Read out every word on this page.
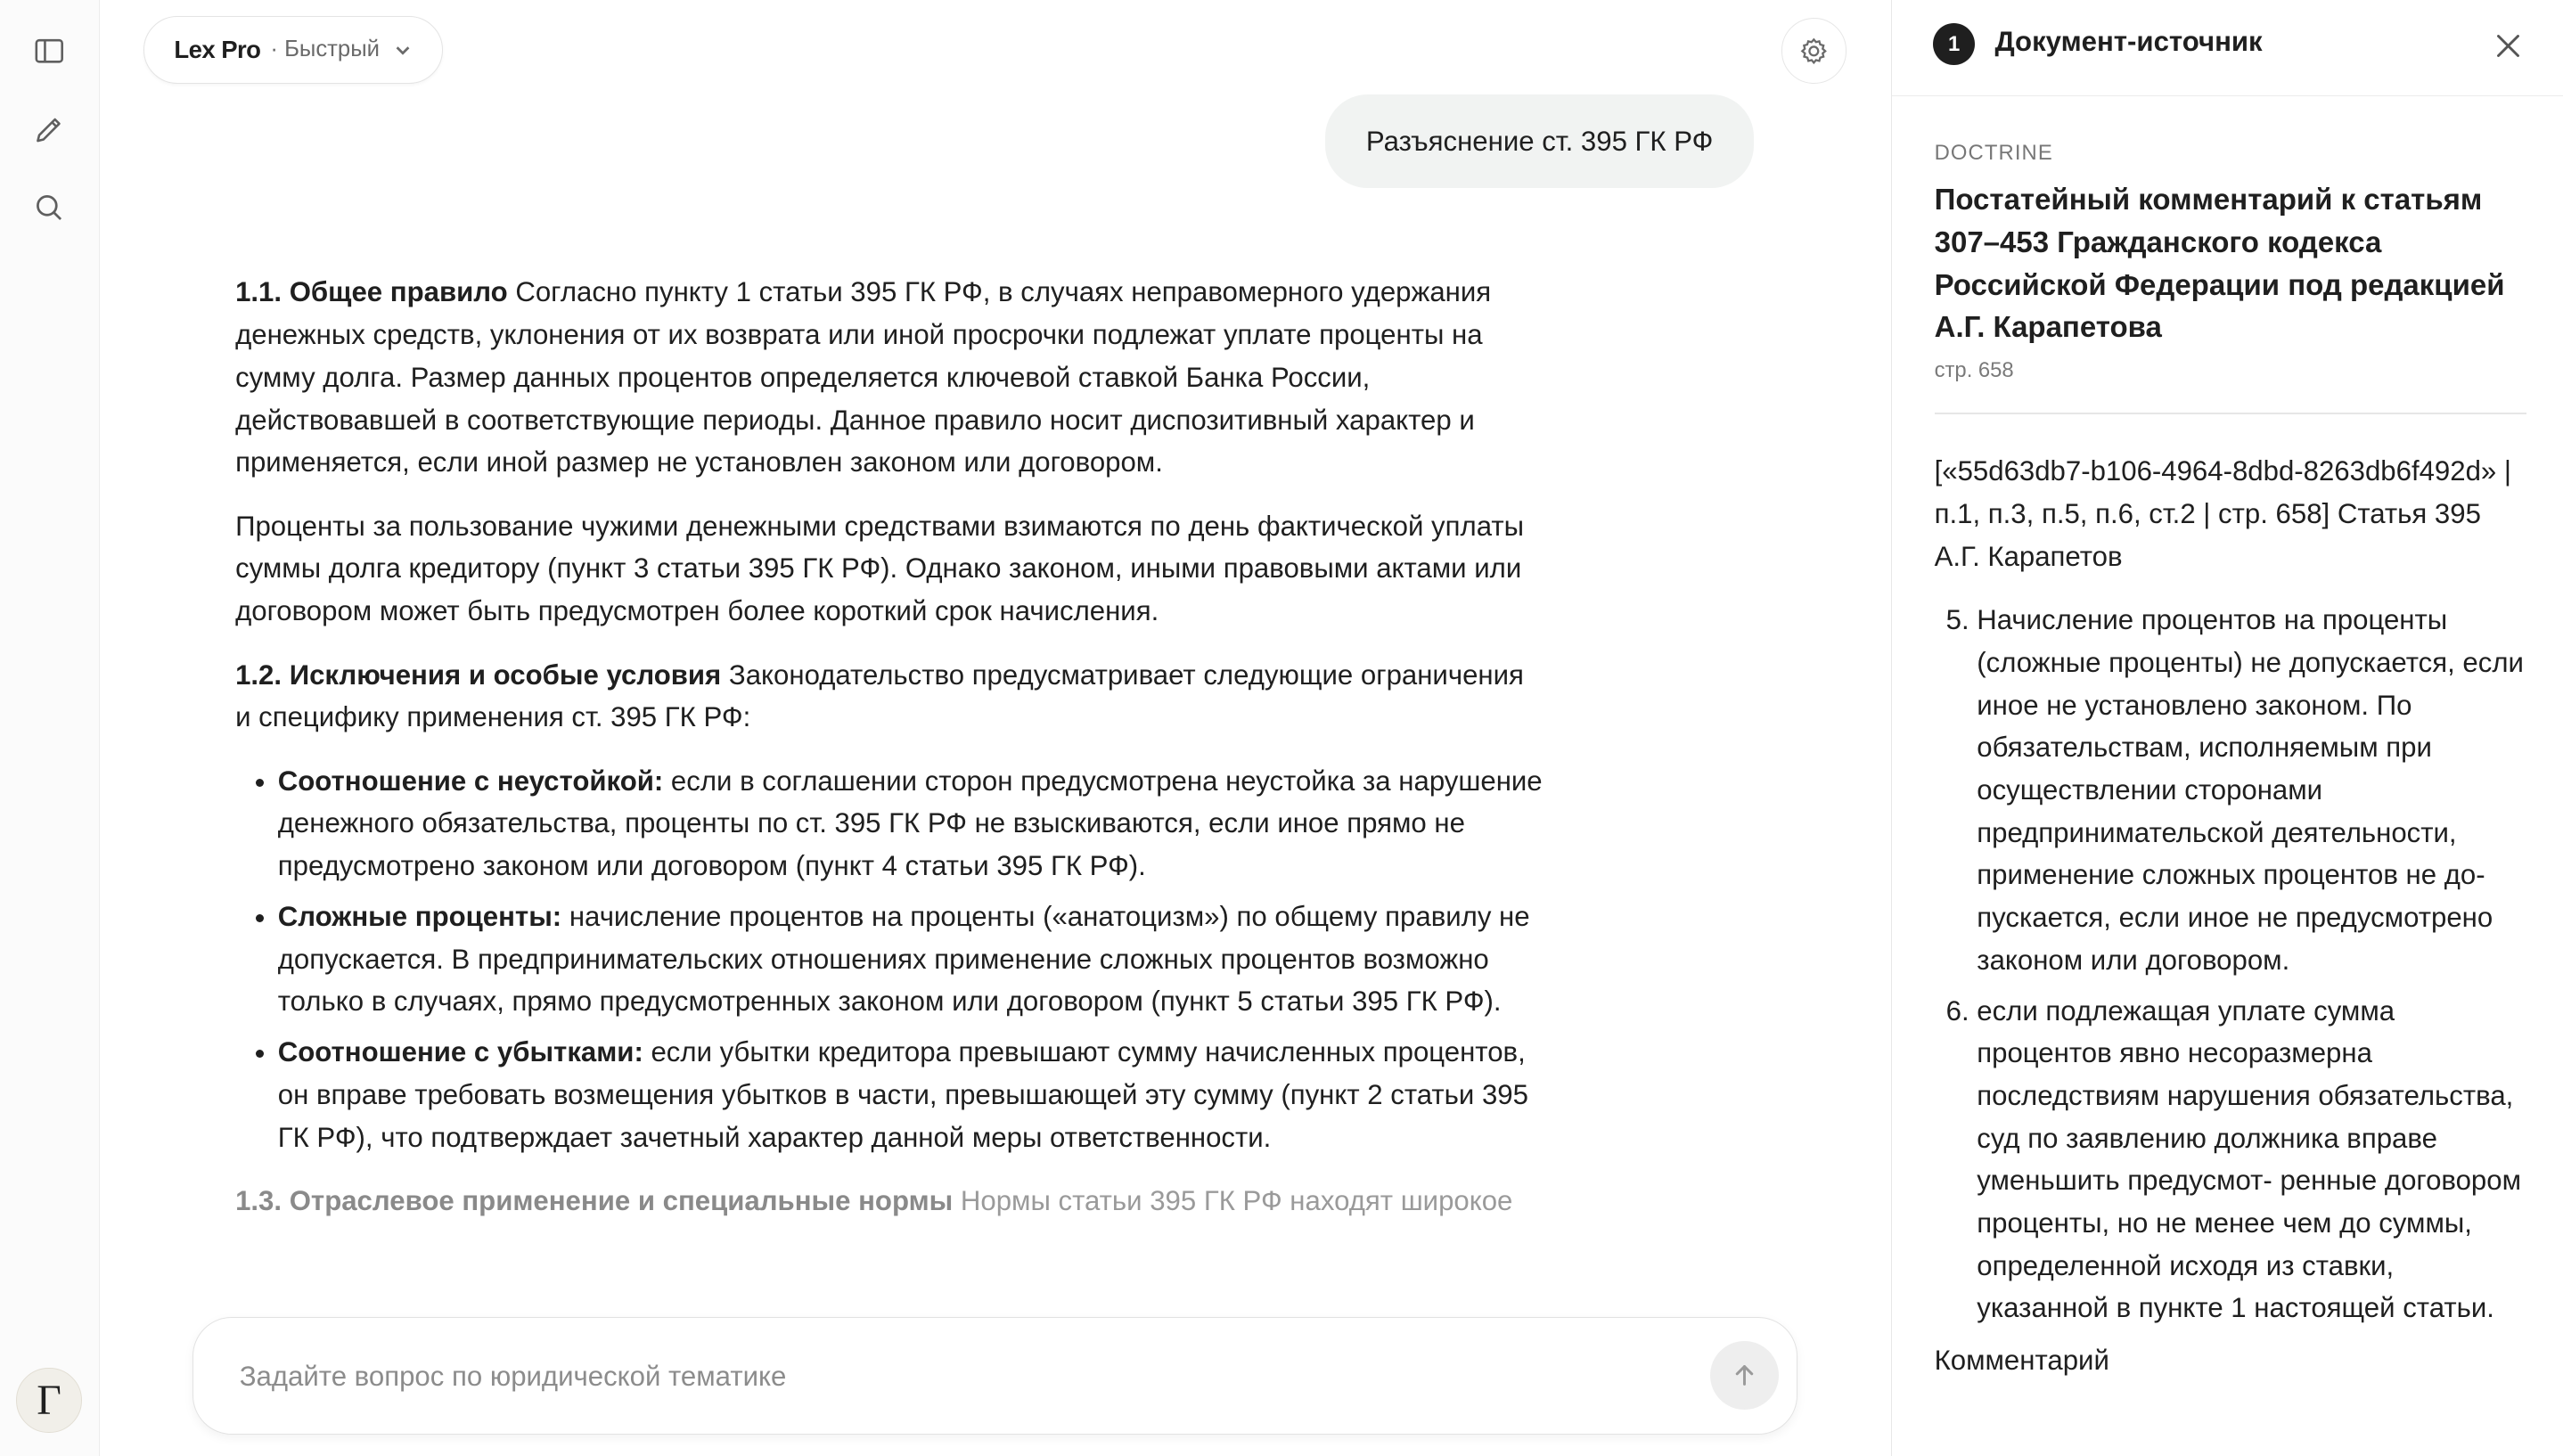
Γ
Lex Pro · Быстрый
Разъяснение ст. 395 ГК РФ

1.1. Общее правило Согласно пункту 1 статьи 395 ГК РФ, в случаях неправомерного удержания денежных средств, уклонения от их возврата или иной просрочки подлежат уплате проценты на сумму долга. Размер данных процентов определяется ключевой ставкой Банка России, действовавшей в соответствующие периоды. Данное правило носит диспозитивный характер и применяется, если иной размер не установлен законом или договором.

Проценты за пользование чужими денежными средствами взимаются по день фактической уплаты суммы долга кредитору (пункт 3 статьи 395 ГК РФ). Однако законом, иными правовыми актами или договором может быть предусмотрен более короткий срок начисления.

1.2. Исключения и особые условия Законодательство предусматривает следующие ограничения и специфику применения ст. 395 ГК РФ:

• Соотношение с неустойкой: если в соглашении сторон предусмотрена неустойка за нарушение денежного обязательства, проценты по ст. 395 ГК РФ не взыскиваются, если иное прямо не предусмотрено законом или договором (пункт 4 статьи 395 ГК РФ).
• Сложные проценты: начисление процентов на проценты («анатоцизм») по общему правилу не допускается. В предпринимательских отношениях применение сложных процентов возможно только в случаях, прямо предусмотренных законом или договором (пункт 5 статьи 395 ГК РФ).
• Соотношение с убытками: если убытки кредитора превышают сумму начисленных процентов, он вправе требовать возмещения убытков в части, превышающей эту сумму (пункт 2 статьи 395 ГК РФ), что подтверждает зачетный характер данной меры ответственности.

1.3. Отраслевое применение и специальные нормы Нормы статьи 395 ГК РФ находят широкое

Задайте вопрос по юридической тематике
1	Документ-источник
DOCTRINE
Постатейный комментарий к статьям 307–453 Гражданского кодекса Российской Федерации под редакцией А.Г. Карапетова
стр. 658
[«55d63db7-b106-4964-8dbd-8263db6f492d» | п.1, п.3, п.5, п.6, ст.2 | стр. 658] Статья 395 А.Г. Карапетов
5. Начисление процентов на проценты (сложные проценты) не допускается, если иное не установлено законом. По обязательствам, исполняемым при осуществлении сторонами предпринимательской деятельности, применение сложных процентов не до-пускается, если иное не предусмотрено законом или договором.
6. если подлежащая уплате сумма процентов явно несоразмерна последствиям нарушения обязательства, суд по заявлению должника вправе уменьшить предусмот- ренные договором проценты, но не менее чем до суммы, определенной исходя из ставки, указанной в пункте 1 настоящей статьи.
Комментарий
